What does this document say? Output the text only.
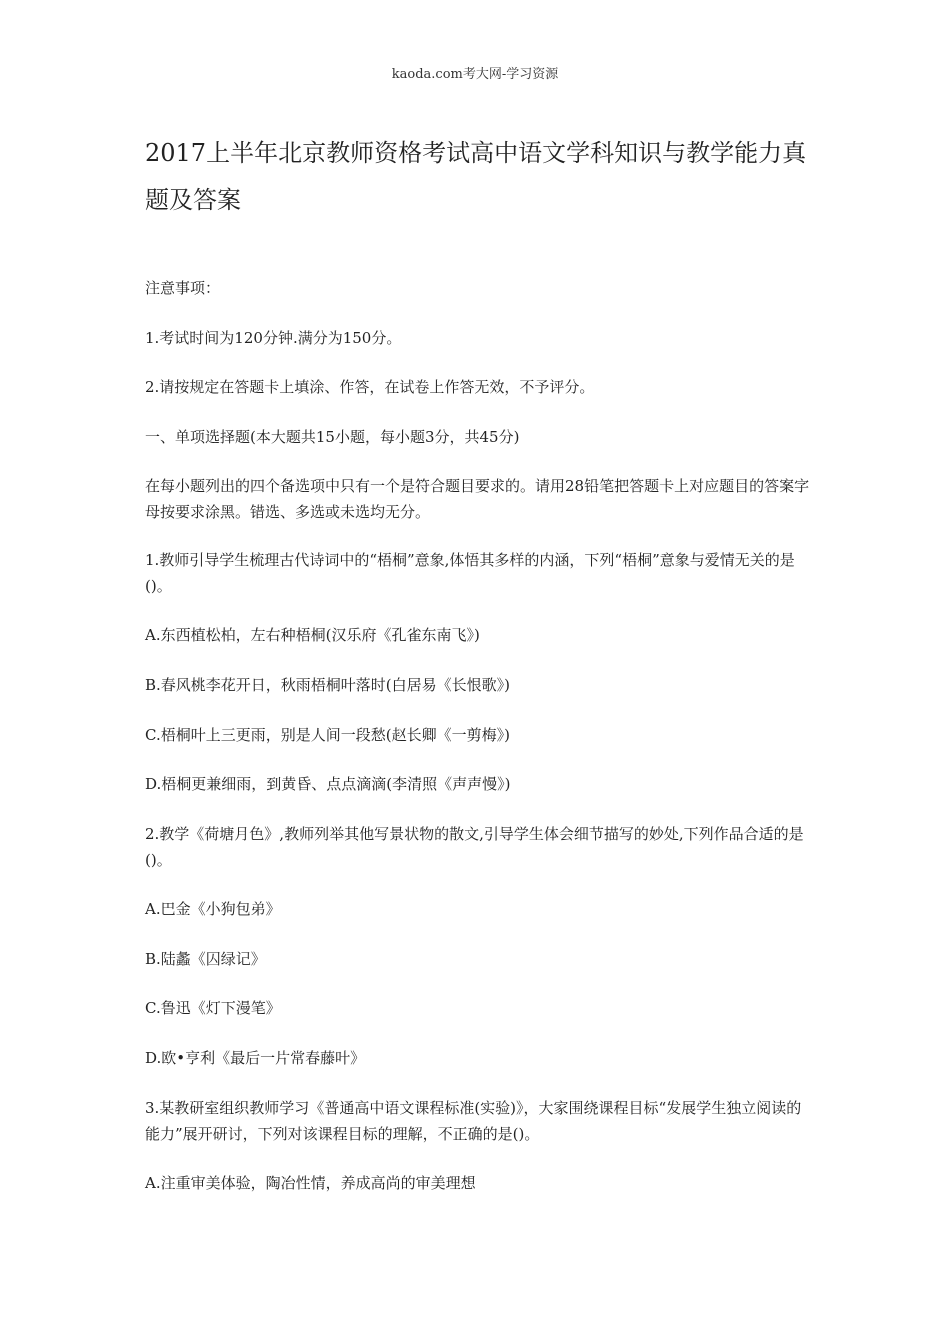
kaoda.com考大网-学习资源
2017上半年北京教师资格考试高中语文学科知识与教学能力真题及答案

注意事项：

1.考试时间为120分钟.满分为150分。

2.请按规定在答题卡上填涂、作答，在试卷上作答无效，不予评分。

一、单项选择题(本大题共15小题，每小题3分，共45分)

在每小题列出的四个备选项中只有一个是符合题目要求的。请用28铅笔把答题卡上对应题目的答案字母按要求涂黑。错选、多选或未选均无分。

1.教师引导学生梳理古代诗词中的“梧桐”意象,体悟其多样的内涵，下列“梧桐”意象与爱情无关的是()。

A.东西植松柏，左右种梧桐(汉乐府《孔雀东南飞》)

B.春风桃李花开日，秋雨梧桐叶落时(白居易《长恨歌》)

C.梧桐叶上三更雨，别是人间一段愁(赵长卿《一剪梅》)

D.梧桐更兼细雨，到黄昏、点点滴滴(李清照《声声慢》)

2.教学《荷塘月色》,教师列举其他写景状物的散文,引导学生体会细节描写的妙处,下列作品合适的是()。

A.巴金《小狗包弟》

B.陆蠡《囚绿记》

C.鲁迅《灯下漫笔》

D.欧•亨利《最后一片常春藤叶》

3.某教研室组织教师学习《普通高中语文课程标准(实验)》，大家围绕课程目标“发展学生独立阅读的能力”展开研讨，下列对该课程目标的理解，不正确的是()。

A.注重审美体验，陶冶性情，养成高尚的审美理想
